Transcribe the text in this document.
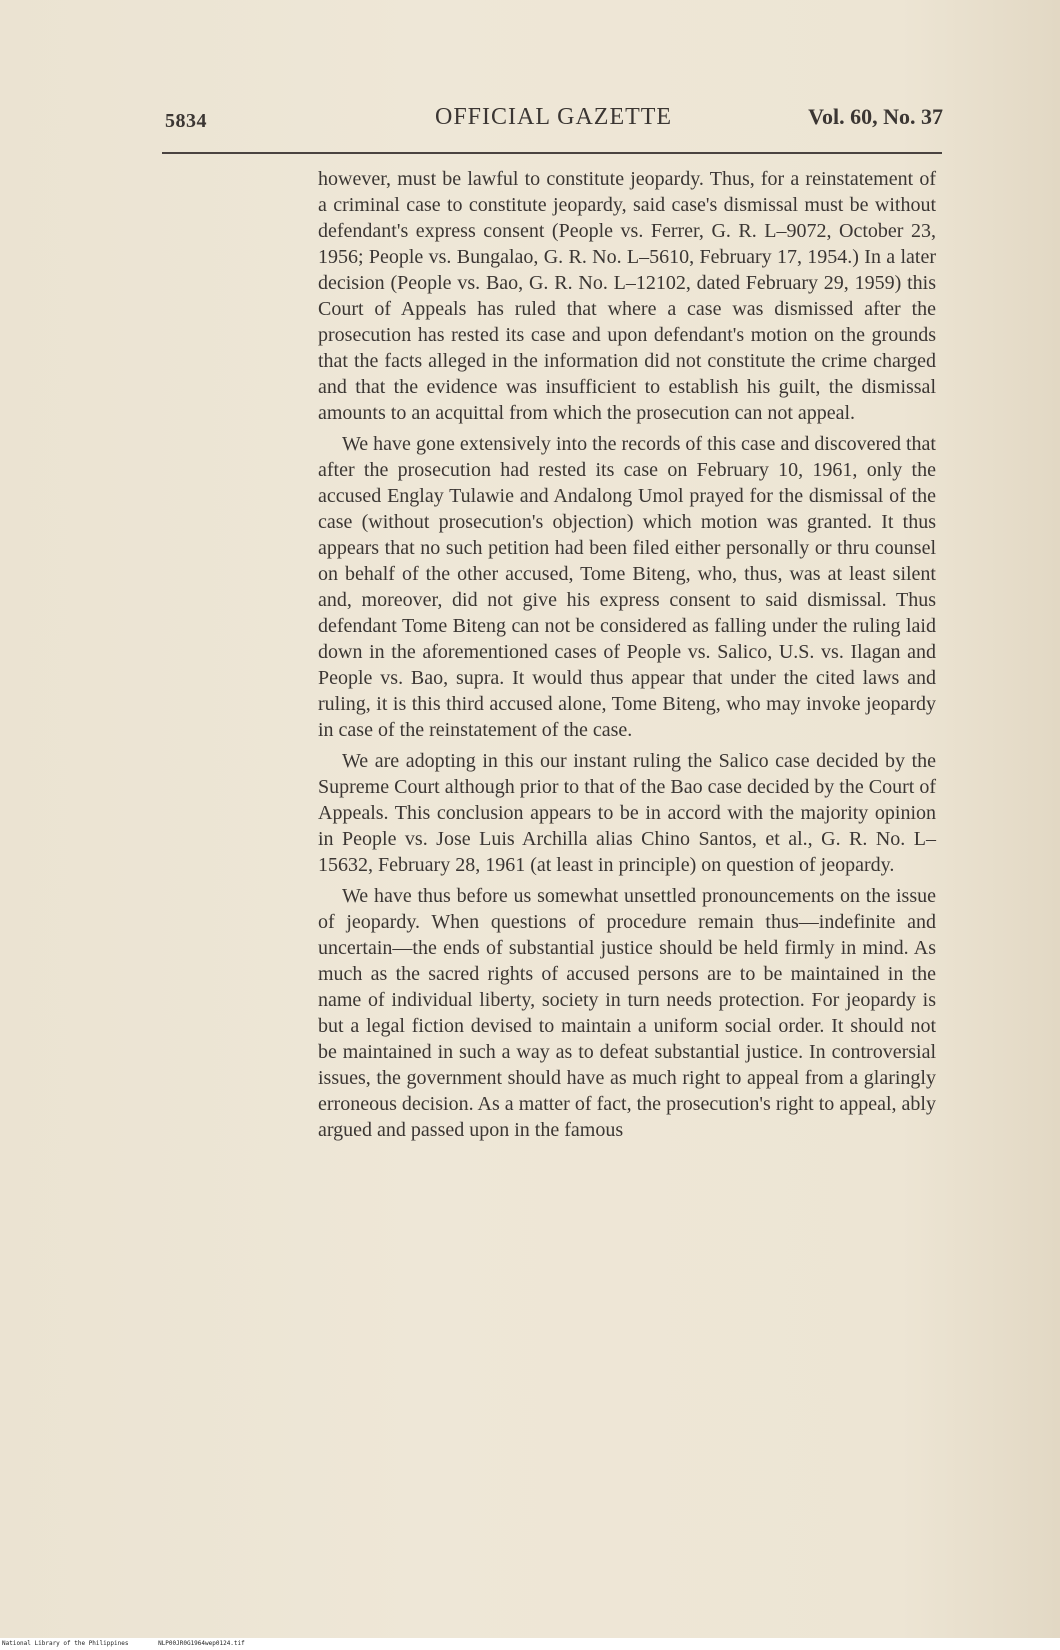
5834	OFFICIAL GAZETTE	Vol. 60, No. 37

however, must be lawful to constitute jeopardy. Thus, for a reinstatement of a criminal case to constitute jeopardy, said case's dismissal must be without defendant's express consent (People vs. Ferrer, G. R. L–9072, October 23, 1956; People vs. Bungalao, G. R. No. L–5610, February 17, 1954.) In a later decision (People vs. Bao, G. R. No. L–12102, dated February 29, 1959) this Court of Appeals has ruled that where a case was dismissed after the prosecution has rested its case and upon defendant's motion on the grounds that the facts alleged in the information did not constitute the crime charged and that the evidence was insufficient to establish his guilt, the dismissal amounts to an acquittal from which the prosecution can not appeal.

We have gone extensively into the records of this case and discovered that after the prosecution had rested its case on February 10, 1961, only the accused Englay Tulawie and Andalong Umol prayed for the dismissal of the case (without prosecution's objection) which motion was granted. It thus appears that no such petition had been filed either personally or thru counsel on behalf of the other accused, Tome Biteng, who, thus, was at least silent and, moreover, did not give his express consent to said dismissal. Thus defendant Tome Biteng can not be considered as falling under the ruling laid down in the aforementioned cases of People vs. Salico, U.S. vs. Ilagan and People vs. Bao, supra. It would thus appear that under the cited laws and ruling, it is this third accused alone, Tome Biteng, who may invoke jeopardy in case of the reinstatement of the case.

We are adopting in this our instant ruling the Salico case decided by the Supreme Court although prior to that of the Bao case decided by the Court of Appeals. This conclusion appears to be in accord with the majority opinion in People vs. Jose Luis Archilla alias Chino Santos, et al., G. R. No. L–15632, February 28, 1961 (at least in principle) on question of jeopardy.

We have thus before us somewhat unsettled pronouncements on the issue of jeopardy. When questions of procedure remain thus—indefinite and uncertain—the ends of substantial justice should be held firmly in mind. As much as the sacred rights of accused persons are to be maintained in the name of individual liberty, society in turn needs protection. For jeopardy is but a legal fiction devised to maintain a uniform social order. It should not be maintained in such a way as to defeat substantial justice. In controversial issues, the government should have as much right to appeal from a glaringly erroneous decision. As a matter of fact, the prosecution's right to appeal, ably argued and passed upon in the famous

National Library of the Philippines	NLP00JR0G1964wep0124.tif
